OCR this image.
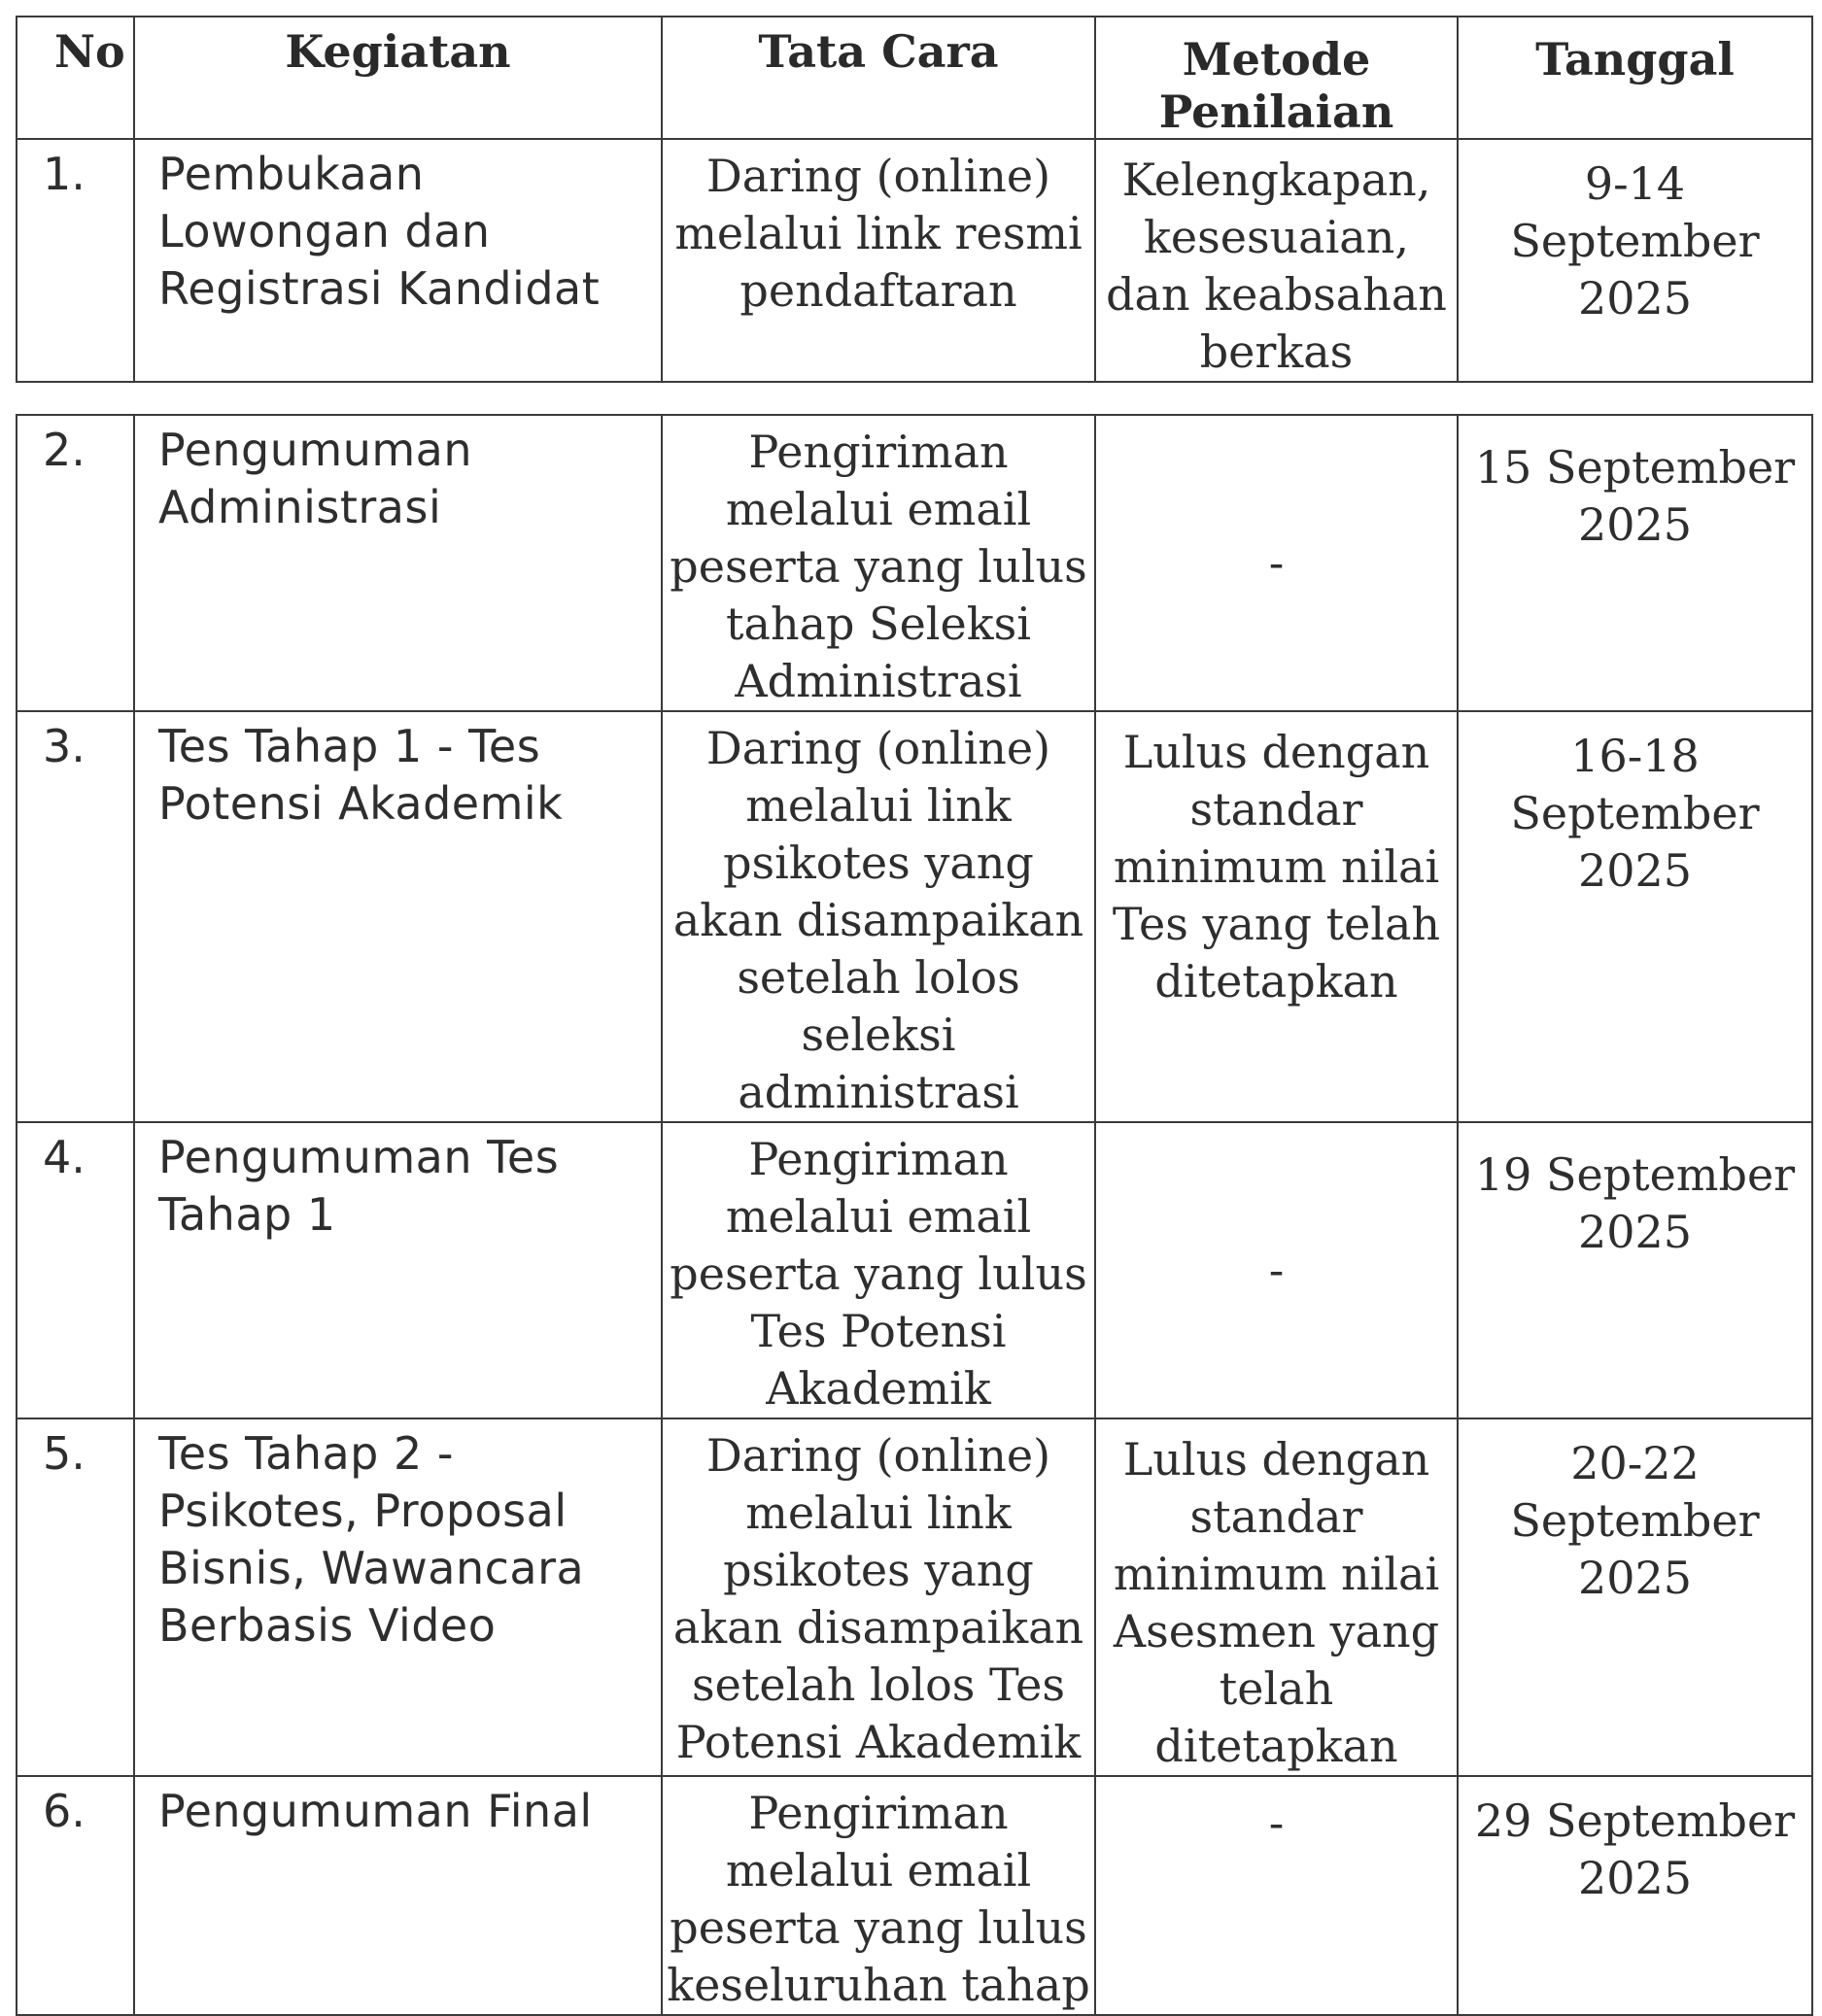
No	Kegiatan	Tata Cara	Metode Penilaian	Tanggal
1.	Pembukaan Lowongan dan Registrasi Kandidat	Daring (online) melalui link resmi pendaftaran	Kelengkapan, kesesuaian, dan keabsahan berkas	9-14 September 2025
2.	Pengumuman Administrasi	Pengiriman melalui email peserta yang lulus tahap Seleksi Administrasi	-	15 September 2025
3.	Tes Tahap 1 - Tes Potensi Akademik	Daring (online) melalui link psikotes yang akan disampaikan setelah lolos seleksi administrasi	Lulus dengan standar minimum nilai Tes yang telah ditetapkan	16-18 September 2025
4.	Pengumuman Tes Tahap 1	Pengiriman melalui email peserta yang lulus Tes Potensi Akademik	-	19 September 2025
5.	Tes Tahap 2 - Psikotes, Proposal Bisnis, Wawancara Berbasis Video	Daring (online) melalui link psikotes yang akan disampaikan setelah lolos Tes Potensi Akademik	Lulus dengan standar minimum nilai Asesmen yang telah ditetapkan	20-22 September 2025
6.	Pengumuman Final	Pengiriman melalui email peserta yang lulus keseluruhan tahap	-	29 September 2025
